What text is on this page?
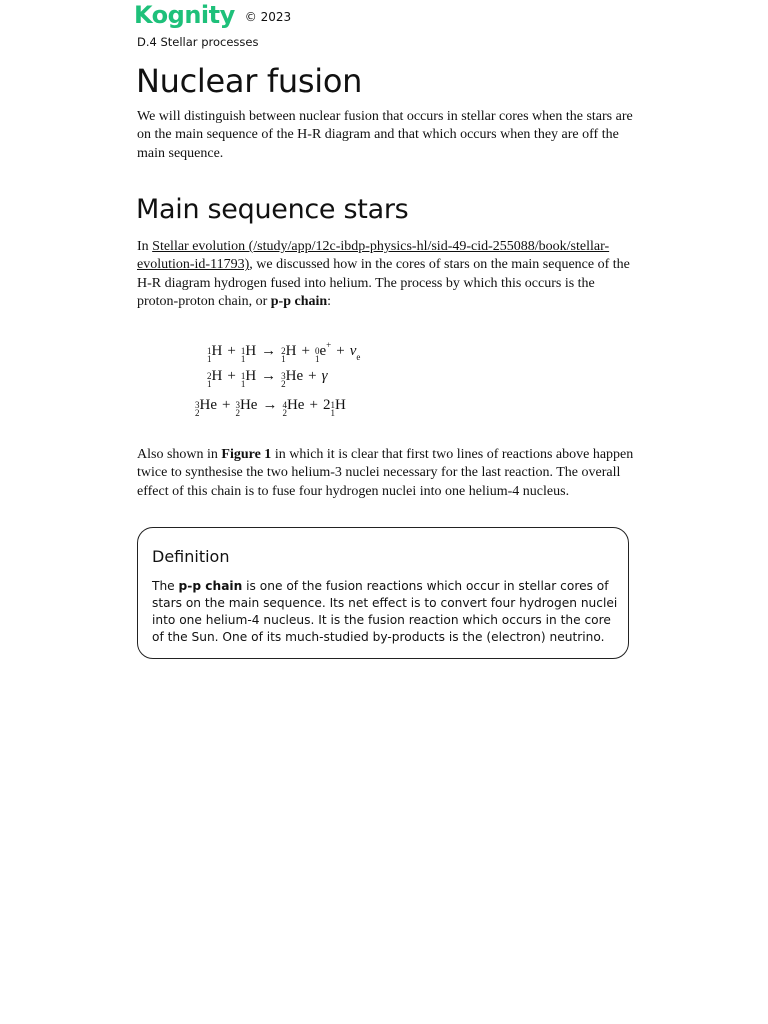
Kognity © 2023
D.4 Stellar processes
Nuclear fusion

We will distinguish between nuclear fusion that occurs in stellar cores when the stars are on the main sequence of the H-R diagram and that which occurs when they are off the main sequence.

Main sequence stars

In Stellar evolution (/study/app/12c-ibdp-physics-hl/sid-49-cid-255088/book/stellar-evolution-id-11793), we discussed how in the cores of stars on the main sequence of the H-R diagram hydrogen fused into helium. The process by which this occurs is the proton-proton chain, or p-p chain:

1
1 H + 1
1 H → 2
1 H + 0
1 $e^+ + \nu_e$
2
1 H + 1
1 H → 3
2 He + γ
3
2 He + 3
2 He → 4
2 He + 2 1
1 H

Also shown in Figure 1 in which it is clear that first two lines of reactions above happen twice to synthesise the two helium-3 nuclei necessary for the last reaction. The overall effect of this chain is to fuse four hydrogen nuclei into one helium-4 nucleus.

Definition

The p-p chain is one of the fusion reactions which occur in stellar cores of stars on the main sequence. Its net effect is to convert four hydrogen nuclei into one helium-4 nucleus. It is the fusion reaction which occurs in the core of the Sun. One of its much-studied by-products is the (electron) neutrino.
